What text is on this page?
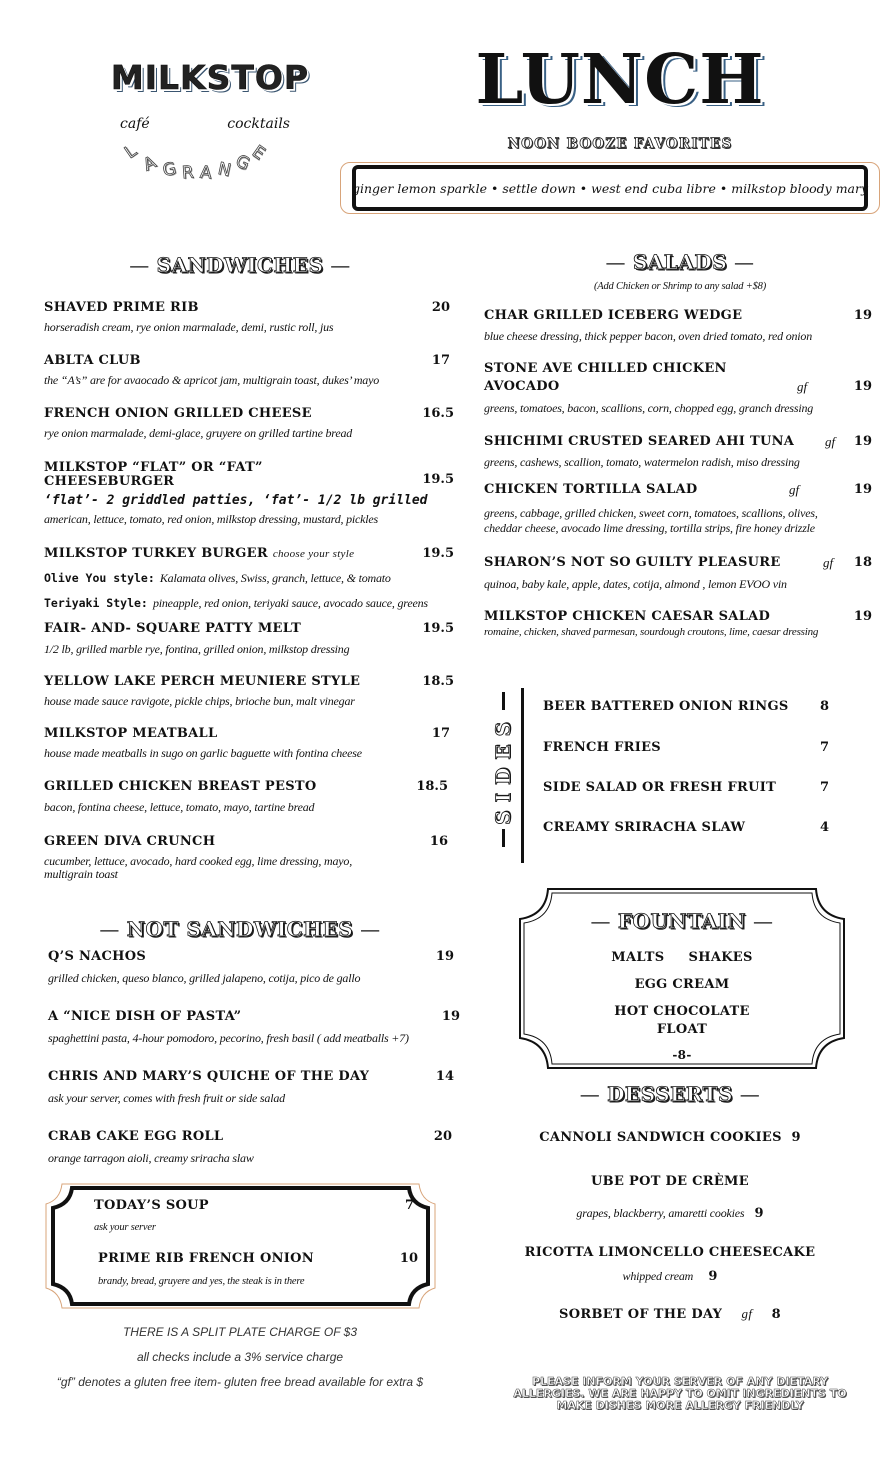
MILKSTOP
café	cocktails
L
A G R A N G
E
LUNCH
NOON BOOZE FAVORITES
ginger lemon sparkle • settle down • west end cuba libre • milkstop bloody mary
— SANDWICHES —
SHAVED PRIME RIB	20
horseradish cream, rye onion marmalade, demi, rustic roll, jus
ABLTA CLUB	17
the “A’s” are for avaocado & apricot jam, multigrain toast, dukes’ mayo
FRENCH ONION GRILLED CHEESE	16.5
rye onion marmalade, demi-glace, gruyere on grilled tartine bread
MILKSTOP “FLAT” OR “FAT”
CHEESEBURGER	19.5
‘flat’- 2 griddled patties, ‘fat’- 1/2 lb grilled
american, lettuce, tomato, red onion, milkstop dressing, mustard, pickles
MILKSTOP TURKEY BURGER choose your style	19.5
Olive You style: Kalamata olives, Swiss, granch, lettuce, & tomato
Teriyaki Style: pineapple, red onion, teriyaki sauce, avocado sauce, greens
FAIR- AND- SQUARE PATTY MELT	19.5
1/2 lb, grilled marble rye, fontina, grilled onion, milkstop dressing
YELLOW LAKE PERCH MEUNIERE STYLE	18.5
house made sauce ravigote, pickle chips, brioche bun, malt vinegar
MILKSTOP MEATBALL	17
house made meatballs in sugo on garlic baguette with fontina cheese
GRILLED CHICKEN BREAST PESTO	18.5
bacon, fontina cheese, lettuce, tomato, mayo, tartine bread
GREEN DIVA CRUNCH	16
cucumber, lettuce, avocado, hard cooked egg, lime dressing, mayo,
multigrain toast
— NOT SANDWICHES —
Q’S NACHOS	19
grilled chicken, queso blanco, grilled jalapeno, cotija, pico de gallo
A “NICE DISH OF PASTA”	19
spaghettini pasta, 4-hour pomodoro, pecorino, fresh basil ( add meatballs +7)
CHRIS AND MARY’S QUICHE OF THE DAY	14
ask your server, comes with fresh fruit or side salad
CRAB CAKE EGG ROLL	20
orange tarragon aioli, creamy sriracha slaw
TODAY’S SOUP	7
ask your server
PRIME RIB FRENCH ONION	10
brandy, bread, gruyere and yes, the steak is in there
THERE IS A SPLIT PLATE CHARGE OF $3
all checks include a 3% service charge
“gf” denotes a gluten free item- gluten free bread available for extra $
— SALADS —
(Add Chicken or Shrimp to any salad +$8)
CHAR GRILLED ICEBERG WEDGE	19
blue cheese dressing, thick pepper bacon, oven dried tomato, red onion
STONE AVE CHILLED CHICKEN
AVOCADO	gf	19
greens, tomatoes, bacon, scallions, corn, chopped egg, granch dressing
SHICHIMI CRUSTED SEARED AHI TUNA	gf 19
greens, cashews, scallion, tomato, watermelon radish, miso dressing
CHICKEN TORTILLA SALAD	gf	19
greens, cabbage, grilled chicken, sweet corn, tomatoes, scallions, olives,
cheddar cheese, avocado lime dressing, tortilla strips, fire honey drizzle
SHARON’S NOT SO GUILTY PLEASURE	gf 18
quinoa, baby kale, apple, dates, cotija, almond , lemon EVOO vin
MILKSTOP CHICKEN CAESAR SALAD	19
romaine, chicken, shaved parmesan, sourdough croutons, lime, caesar dressing
SIDES
BEER BATTERED ONION RINGS	8
FRENCH FRIES	7
SIDE SALAD OR FRESH FRUIT	7
CREAMY SRIRACHA SLAW	4
— FOUNTAIN —
MALTS     SHAKES
EGG CREAM
HOT CHOCOLATE
FLOAT
-8-
— DESSERTS —
CANNOLI SANDWICH COOKIES 9
UBE POT DE CRÈME
grapes, blackberry, amaretti cookies 9
RICOTTA LIMONCELLO CHEESECAKE
whipped cream 9
SORBET OF THE DAY gf 8
PLEASE INFORM YOUR SERVER OF ANY DIETARY
ALLERGIES. WE ARE HAPPY TO OMIT INGREDIENTS TO
MAKE DISHES MORE ALLERGY FRIENDLY
